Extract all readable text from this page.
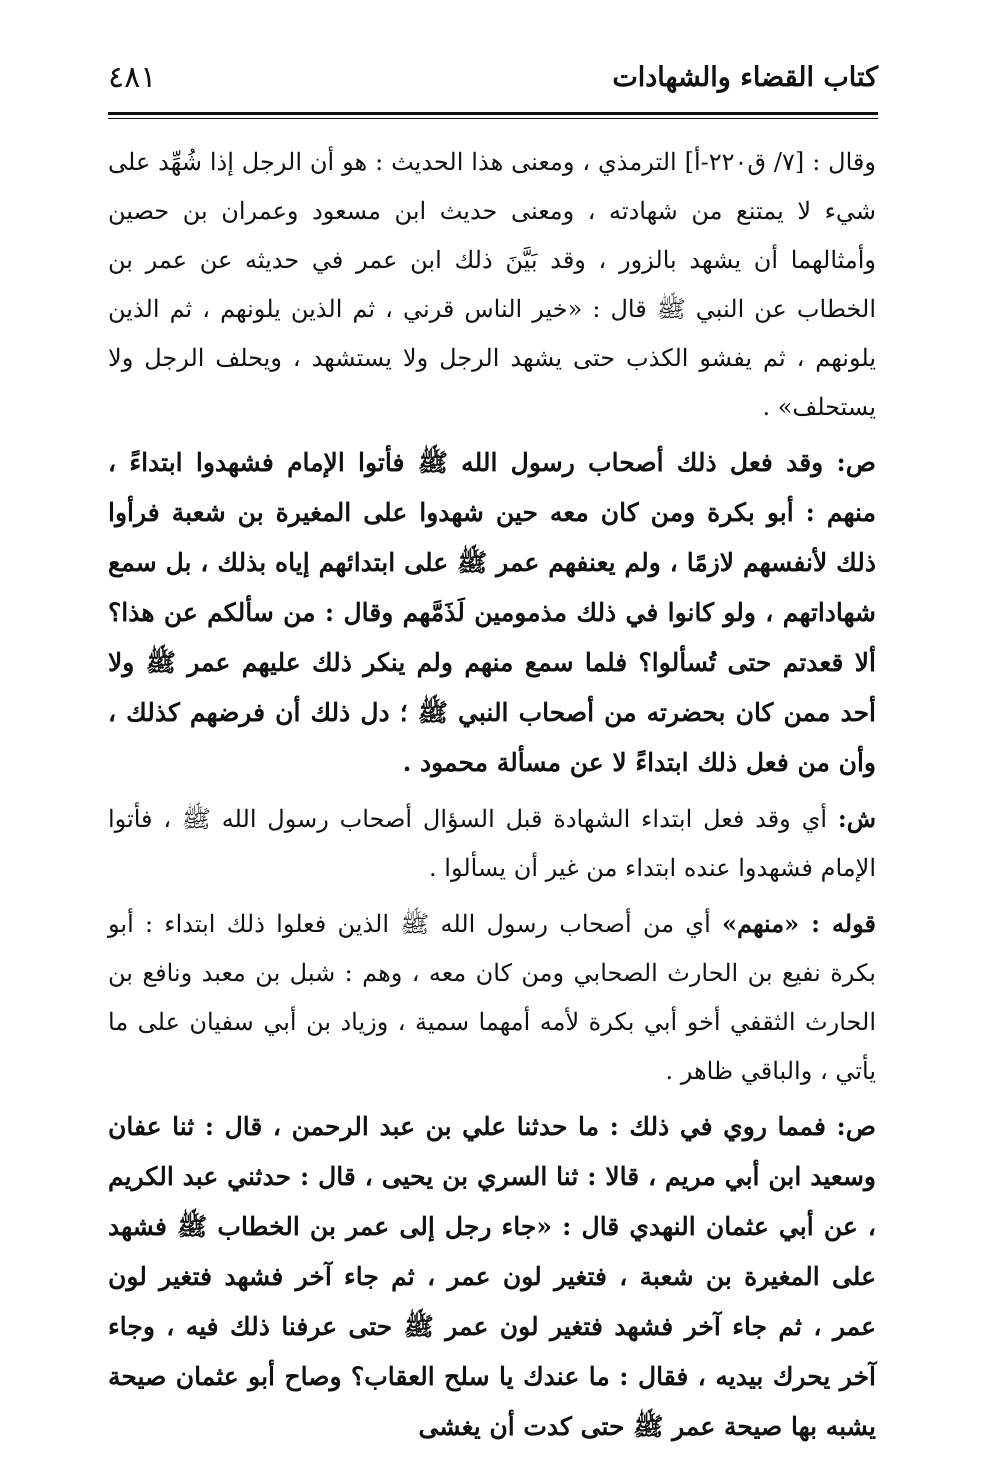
كتاب القضاء والشهادات
٤٨١

وقال : [٧/ ق٢٢٠-أ] الترمذي ، ومعنى هذا الحديث : هو أن الرجل إذا شُهِّد على شيء لا يمتنع من شهادته ، ومعنى حديث ابن مسعود وعمران بن حصين وأمثالهما أن يشهد بالزور ، وقد بَيَّنَ ذلك ابن عمر في حديثه عن عمر بن الخطاب عن النبي ﷺ قال : «خير الناس قرني ، ثم الذين يلونهم ، ثم الذين يلونهم ، ثم يفشو الكذب حتى يشهد الرجل ولا يستشهد ، ويحلف الرجل ولا يستحلف» .

ص: وقد فعل ذلك أصحاب رسول الله ﷺ فأتوا الإمام فشهدوا ابتداءً ، منهم : أبو بكرة ومن كان معه حين شهدوا على المغيرة بن شعبة فرأوا ذلك لأنفسهم لازمًا ، ولم يعنفهم عمر ﷺ على ابتدائهم إياه بذلك ، بل سمع شهاداتهم ، ولو كانوا في ذلك مذمومين لَذَمَّهم وقال : من سألكم عن هذا؟ ألا قعدتم حتى تُسألوا؟ فلما سمع منهم ولم ينكر ذلك عليهم عمر ﷺ ولا أحد ممن كان بحضرته من أصحاب النبي ﷺ ؛ دل ذلك أن فرضهم كذلك ، وأن من فعل ذلك ابتداءً لا عن مسألة محمود .

ش: أي وقد فعل ابتداء الشهادة قبل السؤال أصحاب رسول الله ﷺ ، فأتوا الإمام فشهدوا عنده ابتداء من غير أن يسألوا .

قوله : «منهم» أي من أصحاب رسول الله ﷺ الذين فعلوا ذلك ابتداء : أبو بكرة نفيع بن الحارث الصحابي ومن كان معه ، وهم : شبل بن معبد ونافع بن الحارث الثقفي أخو أبي بكرة لأمه أمهما سمية ، وزياد بن أبي سفيان على ما يأتي ، والباقي ظاهر .

ص: فمما روي في ذلك : ما حدثنا علي بن عبد الرحمن ، قال : ثنا عفان وسعيد ابن أبي مريم ، قالا : ثنا السري بن يحيى ، قال : حدثني عبد الكريم ، عن أبي عثمان النهدي قال : «جاء رجل إلى عمر بن الخطاب ﷺ فشهد على المغيرة بن شعبة ، فتغير لون عمر ، ثم جاء آخر فشهد فتغير لون عمر ، ثم جاء آخر فشهد فتغير لون عمر ﷺ حتى عرفنا ذلك فيه ، وجاء آخر يحرك بيديه ، فقال : ما عندك يا سلح العقاب؟ وصاح أبو عثمان صيحة يشبه بها صيحة عمر ﷺ حتى كدت أن يغشى
